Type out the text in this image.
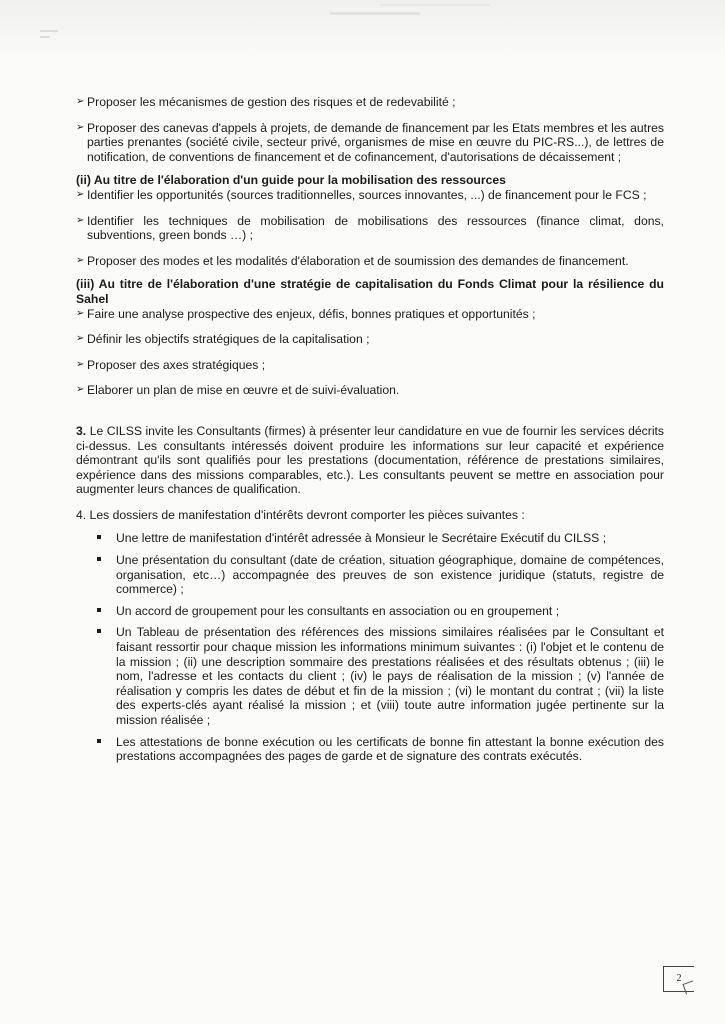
➢ Proposer les mécanismes de gestion des risques et de redevabilité ;
➢ Proposer des canevas d'appels à projets, de demande de financement par les Etats membres et les autres parties prenantes (société civile, secteur privé, organismes de mise en œuvre du PIC-RS...), de lettres de notification, de conventions de financement et de cofinancement, d'autorisations de décaissement ;
(ii) Au titre de l'élaboration d'un guide pour la mobilisation des ressources
➢ Identifier les opportunités (sources traditionnelles, sources innovantes, ...) de financement pour le FCS ;
➢ Identifier les techniques de mobilisation de mobilisations des ressources (finance climat, dons, subventions, green bonds …) ;
➢ Proposer des modes et les modalités d'élaboration et de soumission des demandes de financement.
(iii) Au titre de l'élaboration d'une stratégie de capitalisation du Fonds Climat pour la résilience du Sahel
➢ Faire une analyse prospective des enjeux, défis, bonnes pratiques et opportunités ;
➢ Définir les objectifs stratégiques de la capitalisation ;
➢ Proposer des axes stratégiques ;
➢ Elaborer un plan de mise en œuvre et de suivi-évaluation.
3. Le CILSS invite les Consultants (firmes) à présenter leur candidature en vue de fournir les services décrits ci-dessus. Les consultants intéressés doivent produire les informations sur leur capacité et expérience démontrant qu'ils sont qualifiés pour les prestations (documentation, référence de prestations similaires, expérience dans des missions comparables, etc.). Les consultants peuvent se mettre en association pour augmenter leurs chances de qualification.
4. Les dossiers de manifestation d'intérêts devront comporter les pièces suivantes :
Une lettre de manifestation d'intérêt adressée à Monsieur le Secrétaire Exécutif du CILSS ;
Une présentation du consultant (date de création, situation géographique, domaine de compétences, organisation, etc…) accompagnée des preuves de son existence juridique (statuts, registre de commerce) ;
Un accord de groupement pour les consultants en association ou en groupement ;
Un Tableau de présentation des références des missions similaires réalisées par le Consultant et faisant ressortir pour chaque mission les informations minimum suivantes : (i) l'objet et le contenu de la mission ; (ii) une description sommaire des prestations réalisées et des résultats obtenus ; (iii) le nom, l'adresse et les contacts du client ; (iv) le pays de réalisation de la mission ; (v) l'année de réalisation y compris les dates de début et fin de la mission ; (vi) le montant du contrat ; (vii) la liste des experts-clés ayant réalisé la mission ; et (viii) toute autre information jugée pertinente sur la mission réalisée ;
Les attestations de bonne exécution ou les certificats de bonne fin attestant la bonne exécution des prestations accompagnées des pages de garde et de signature des contrats exécutés.
2
